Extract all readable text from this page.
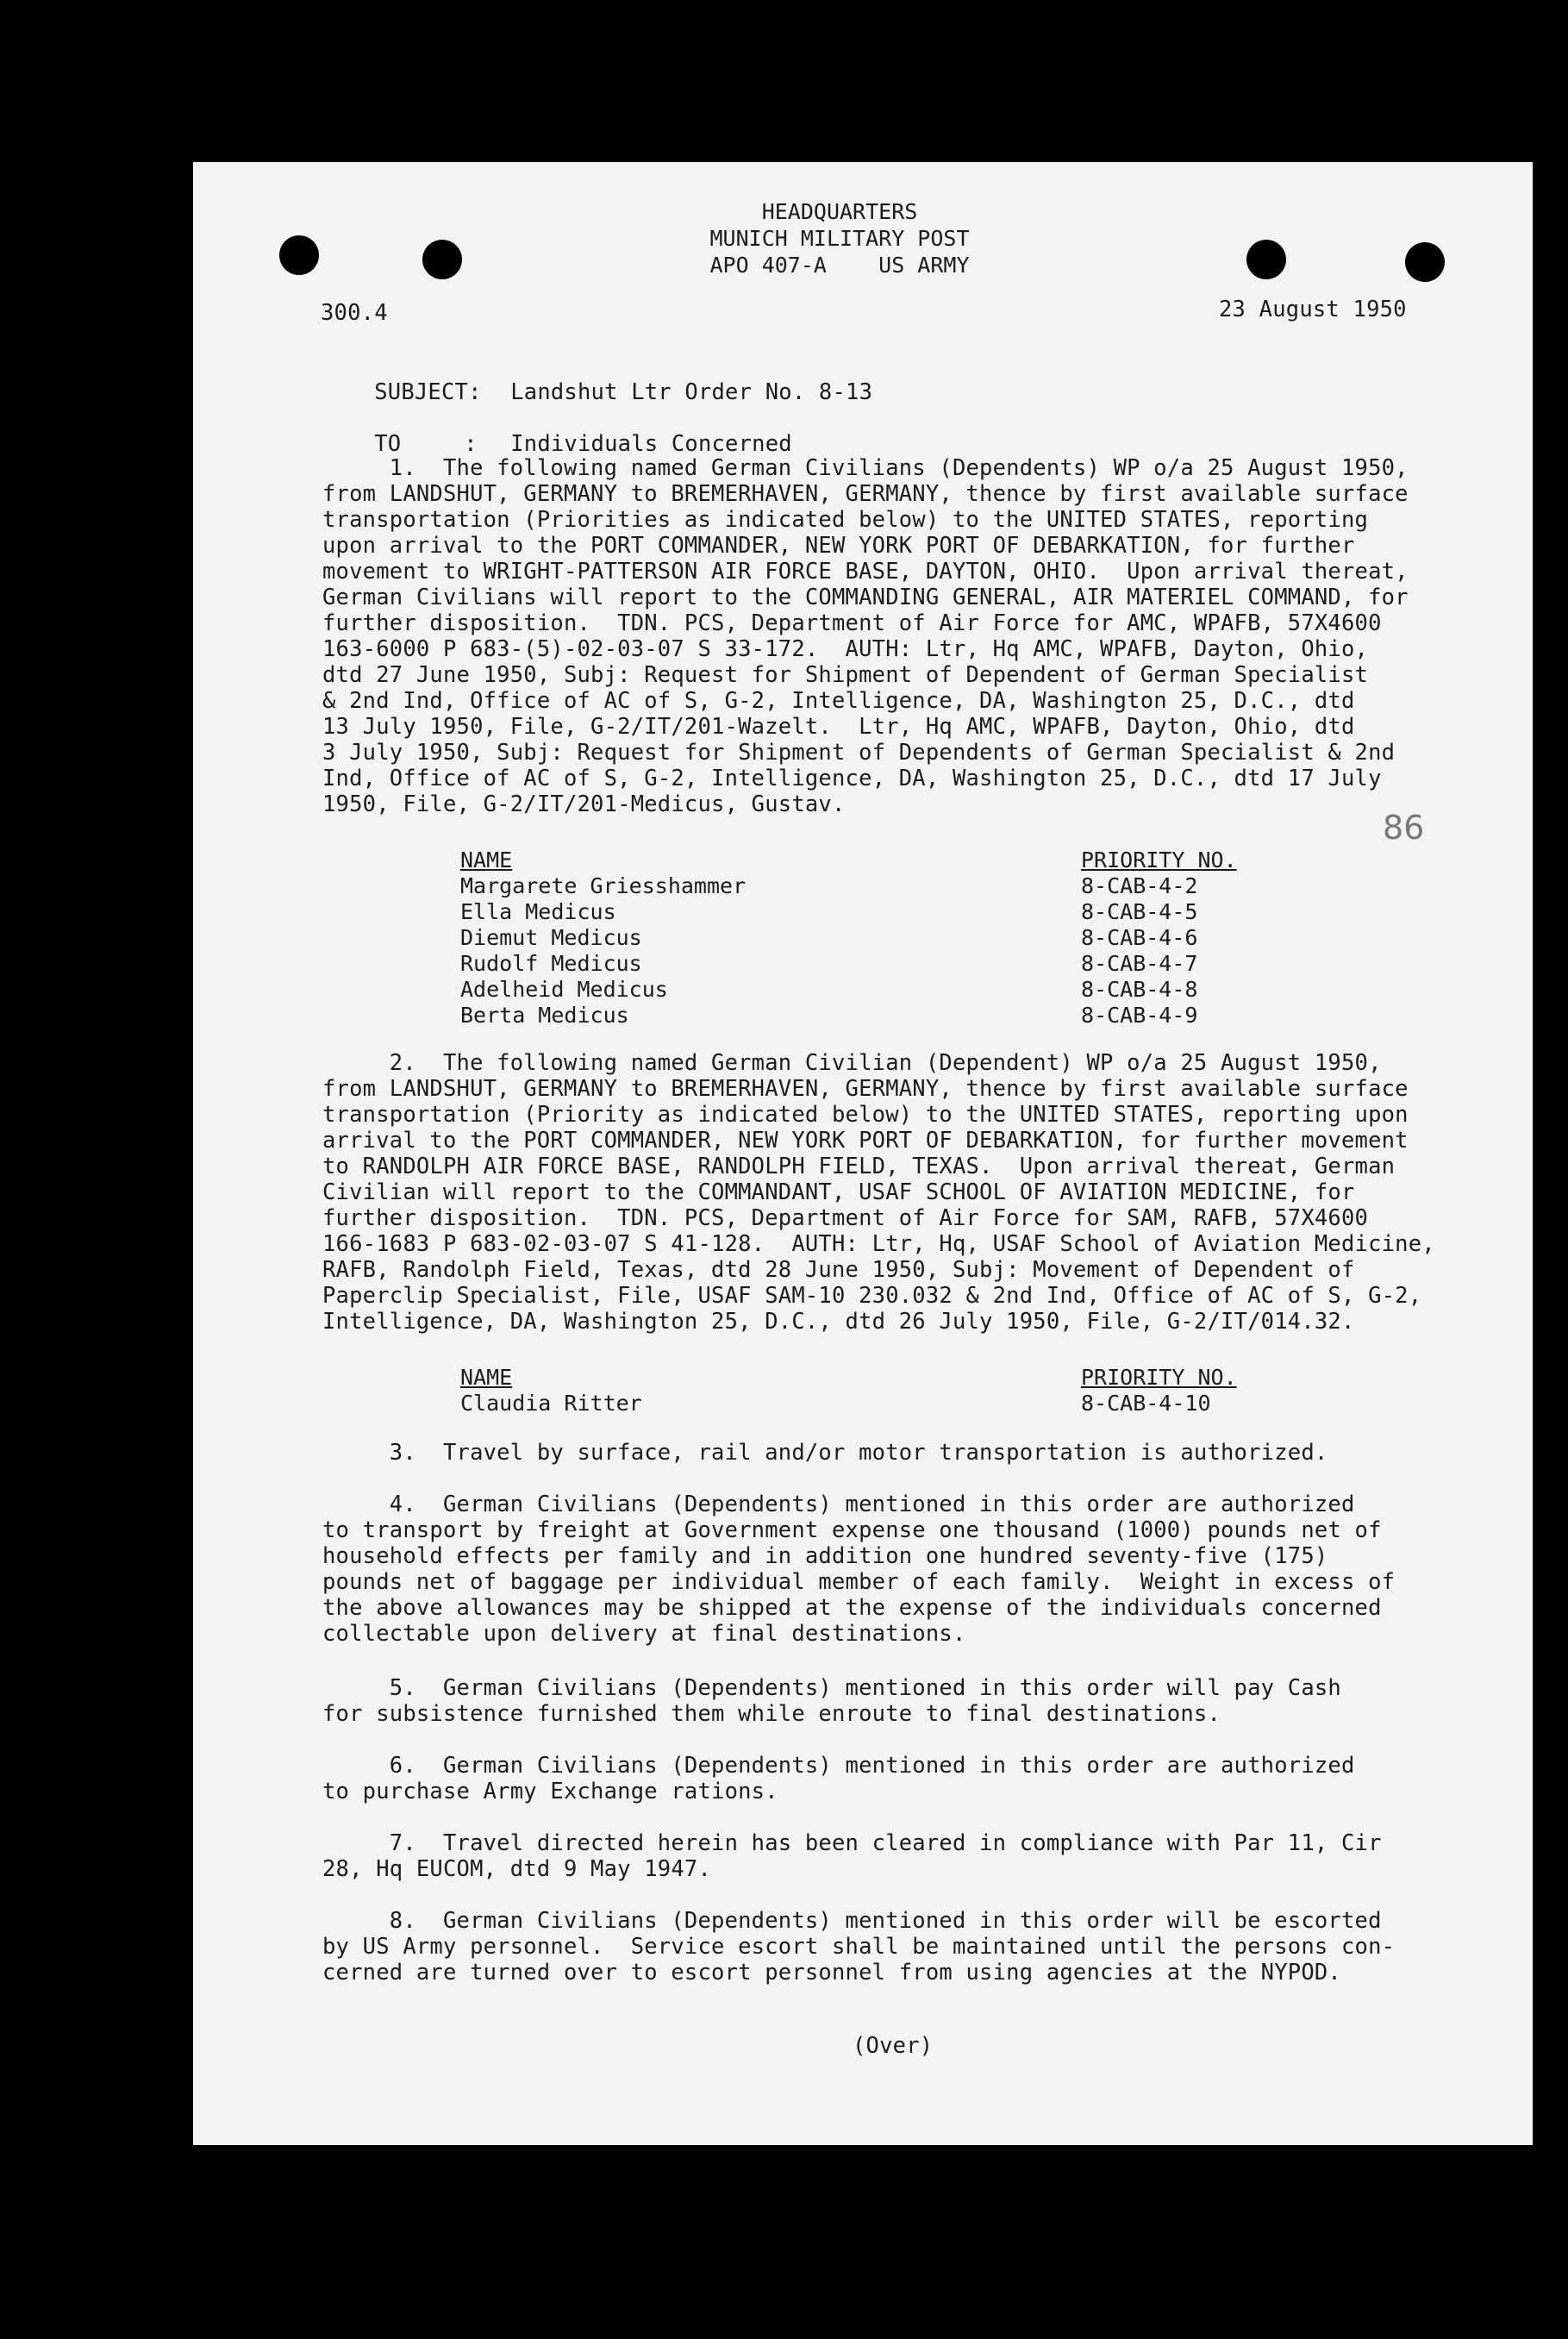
HEADQUARTERS
MUNICH MILITARY POST
APO 407-A    US ARMY
300.4	23 August 1950

SUBJECT: Landshut Ltr Order No. 8-13

TO	: Individuals Concerned

1.  The following named German Civilians (Dependents) WP o/a 25 August 1950,
from LANDSHUT, GERMANY to BREMERHAVEN, GERMANY, thence by first available surface
transportation (Priorities as indicated below) to the UNITED STATES, reporting
upon arrival to the PORT COMMANDER, NEW YORK PORT OF DEBARKATION, for further
movement to WRIGHT-PATTERSON AIR FORCE BASE, DAYTON, OHIO.  Upon arrival thereat,
German Civilians will report to the COMMANDING GENERAL, AIR MATERIEL COMMAND, for
further disposition.  TDN. PCS, Department of Air Force for AMC, WPAFB, 57X4600
163-6000 P 683-(5)-02-03-07 S 33-172.  AUTH: Ltr, Hq AMC, WPAFB, Dayton, Ohio,
dtd 27 June 1950, Subj: Request for Shipment of Dependent of German Specialist
& 2nd Ind, Office of AC of S, G-2, Intelligence, DA, Washington 25, D.C., dtd
13 July 1950, File, G-2/IT/201-Wazelt.  Ltr, Hq AMC, WPAFB, Dayton, Ohio, dtd
3 July 1950, Subj: Request for Shipment of Dependents of German Specialist & 2nd
Ind, Office of AC of S, G-2, Intelligence, DA, Washington 25, D.C., dtd 17 July
1950, File, G-2/IT/201-Medicus, Gustav.
86
NAME	PRIORITY NO.
Margarete Griesshammer	8-CAB-4-2
Ella Medicus	8-CAB-4-5
Diemut Medicus	8-CAB-4-6
Rudolf Medicus	8-CAB-4-7
Adelheid Medicus	8-CAB-4-8
Berta Medicus	8-CAB-4-9
2.  The following named German Civilian (Dependent) WP o/a 25 August 1950,
from LANDSHUT, GERMANY to BREMERHAVEN, GERMANY, thence by first available surface
transportation (Priority as indicated below) to the UNITED STATES, reporting upon
arrival to the PORT COMMANDER, NEW YORK PORT OF DEBARKATION, for further movement
to RANDOLPH AIR FORCE BASE, RANDOLPH FIELD, TEXAS.  Upon arrival thereat, German
Civilian will report to the COMMANDANT, USAF SCHOOL OF AVIATION MEDICINE, for
further disposition.  TDN. PCS, Department of Air Force for SAM, RAFB, 57X4600
166-1683 P 683-02-03-07 S 41-128.  AUTH: Ltr, Hq, USAF School of Aviation Medicine,
RAFB, Randolph Field, Texas, dtd 28 June 1950, Subj: Movement of Dependent of
Paperclip Specialist, File, USAF SAM-10 230.032 & 2nd Ind, Office of AC of S, G-2,
Intelligence, DA, Washington 25, D.C., dtd 26 July 1950, File, G-2/IT/014.32.
NAME	PRIORITY NO.
Claudia Ritter	8-CAB-4-10
3.  Travel by surface, rail and/or motor transportation is authorized.
4.  German Civilians (Dependents) mentioned in this order are authorized
to transport by freight at Government expense one thousand (1000) pounds net of
household effects per family and in addition one hundred seventy-five (175)
pounds net of baggage per individual member of each family.  Weight in excess of
the above allowances may be shipped at the expense of the individuals concerned
collectable upon delivery at final destinations.
5.  German Civilians (Dependents) mentioned in this order will pay Cash
for subsistence furnished them while enroute to final destinations.
6.  German Civilians (Dependents) mentioned in this order are authorized
to purchase Army Exchange rations.
7.  Travel directed herein has been cleared in compliance with Par 11, Cir
28, Hq EUCOM, dtd 9 May 1947.
8.  German Civilians (Dependents) mentioned in this order will be escorted
by US Army personnel.  Service escort shall be maintained until the persons con-
cerned are turned over to escort personnel from using agencies at the NYPOD.
(Over)
